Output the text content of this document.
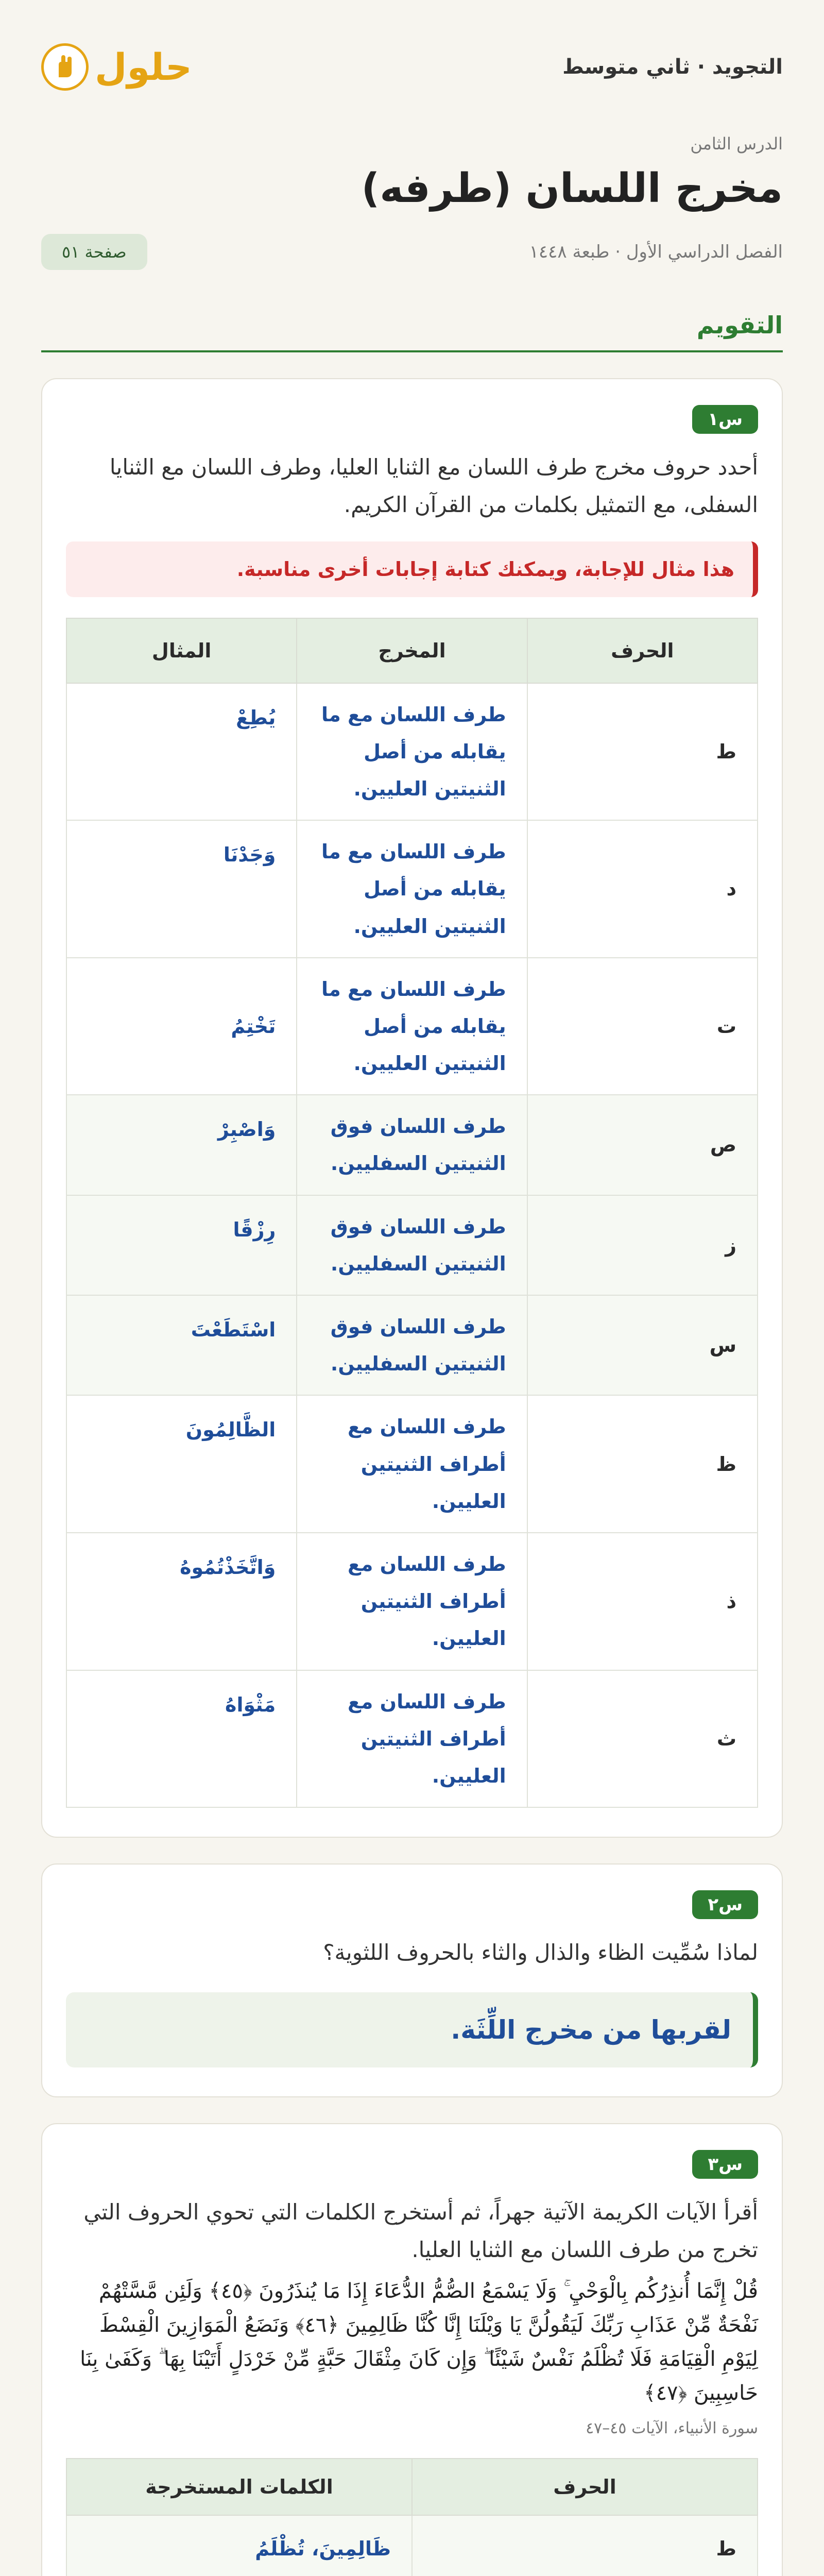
التجويد · ثاني متوسط
حلول
الدرس الثامن
مخرج اللسان (طرفه)
الفصل الدراسي الأول · طبعة ١٤٤٨
صفحة ٥١
التقويم
س١

أحدد حروف مخرج طرف اللسان مع الثنايا العليا، وطرف اللسان مع الثنايا السفلى، مع التمثيل بكلمات من القرآن الكريم.

هذا مثال للإجابة، ويمكنك كتابة إجابات أخرى مناسبة.
الحرف	المخرج	المثال
ط	طرف اللسان مع ما يقابله من أصل الثنيتين العليين.	يُطِعْ
د	طرف اللسان مع ما يقابله من أصل الثنيتين العليين.	وَجَدْنَا
ت	طرف اللسان مع ما يقابله من أصل الثنيتين العليين.	تَخْتِمُ
ص	طرف اللسان فوق الثنيتين السفليين.	وَاصْبِرْ
ز	طرف اللسان فوق الثنيتين السفليين.	رِزْقًا
س	طرف اللسان فوق الثنيتين السفليين.	اسْتَطَعْتَ
ظ	طرف اللسان مع أطراف الثنيتين العليين.	الظَّالِمُونَ
ذ	طرف اللسان مع أطراف الثنيتين العليين.	وَاتَّخَذْتُمُوهُ
ث	طرف اللسان مع أطراف الثنيتين العليين.	مَثْوَاهُ
س٢

لماذا سُمِّيت الظاء والذال والثاء بالحروف اللثوية؟

لقربها من مخرج اللِّثَة.
س٣

أقرأ الآيات الكريمة الآتية جهراً، ثم أستخرج الكلمات التي تحوي الحروف التي تخرج من طرف اللسان مع الثنايا العليا.

قُلْ إِنَّمَا أُنذِرُكُم بِالْوَحْيِ ۚ وَلَا يَسْمَعُ الصُّمُّ الدُّعَاءَ إِذَا مَا يُنذَرُونَ ﴿٤٥﴾ وَلَئِن مَّسَّتْهُمْ نَفْحَةٌ مِّنْ عَذَابِ رَبِّكَ لَيَقُولُنَّ يَا وَيْلَنَا إِنَّا كُنَّا ظَالِمِينَ ﴿٤٦﴾ وَنَضَعُ الْمَوَازِينَ الْقِسْطَ لِيَوْمِ الْقِيَامَةِ فَلَا تُظْلَمُ نَفْسٌ شَيْئًا ۖ وَإِن كَانَ مِثْقَالَ حَبَّةٍ مِّنْ خَرْدَلٍ أَتَيْنَا بِهَا ۗ وَكَفَىٰ بِنَا حَاسِبِينَ ﴿٤٧﴾

سورة الأنبياء، الآيات ٤٥–٤٧
الحرف	الكلمات المستخرجة
ط	ظَالِمِينَ، تُظْلَمُ
